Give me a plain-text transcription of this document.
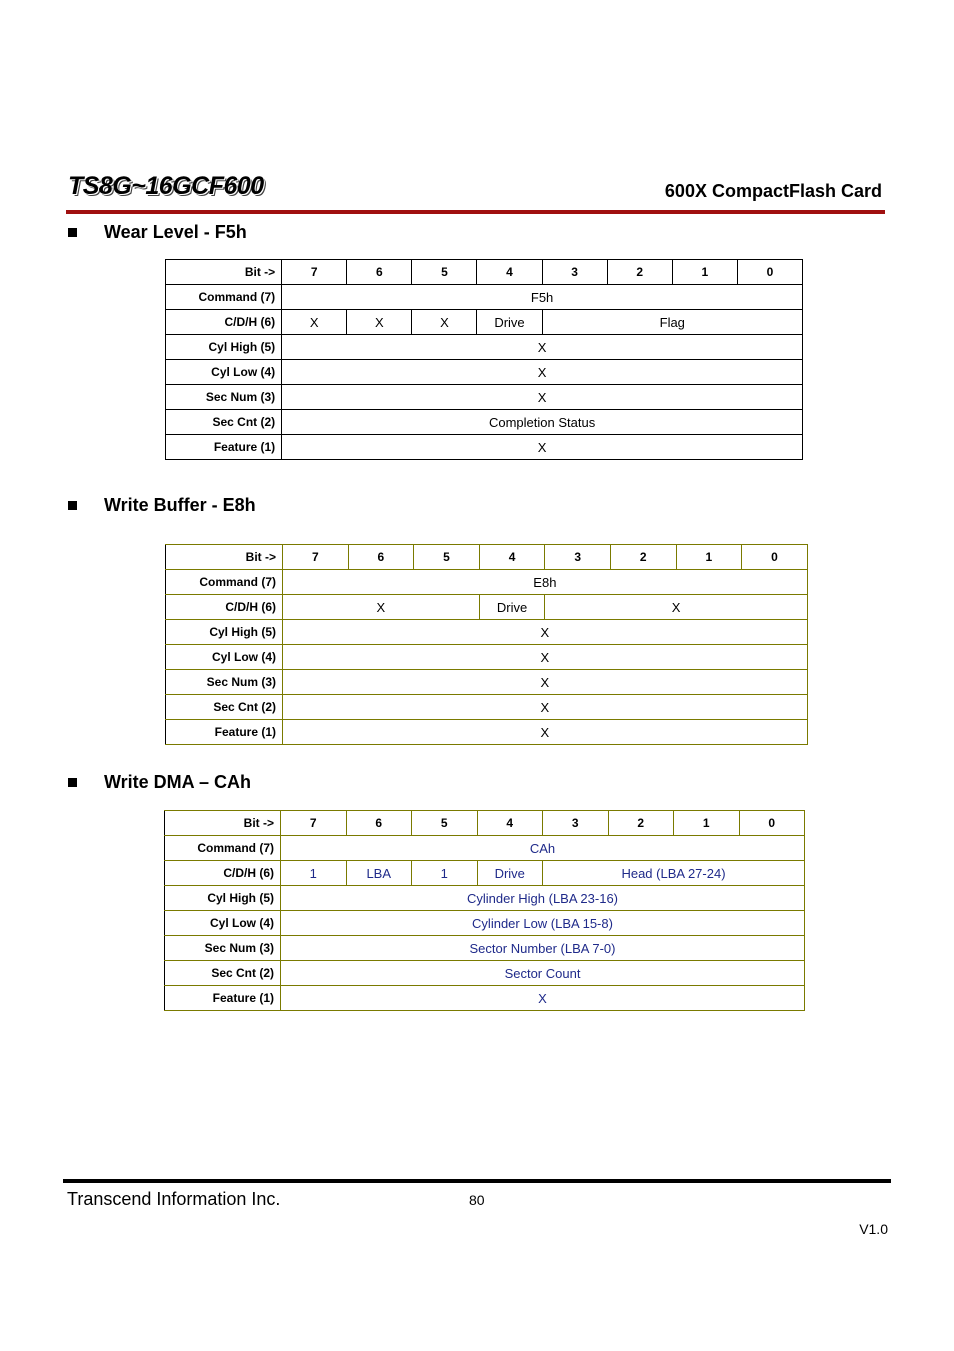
TS8G~16GCF600	600X CompactFlash Card
Wear Level - F5h
Bit ->	7	6	5	4	3	2	1	0
Command (7)	F5h							
C/D/H (6)	X	X	X	Drive	Flag			
Cyl High (5)	X							
Cyl Low (4)	X							
Sec Num (3)	X							
Sec Cnt (2)	Completion Status							
Feature (1)	X							
Write Buffer - E8h
Bit ->	7	6	5	4	3	2	1	0
Command (7)	E8h							
C/D/H (6)	X			Drive	X			
Cyl High (5)	X							
Cyl Low (4)	X							
Sec Num (3)	X							
Sec Cnt (2)	X							
Feature (1)	X							
Write DMA – CAh
Bit ->	7	6	5	4	3	2	1	0
Command (7)	CAh							
C/D/H (6)	1	LBA	1	Drive	Head (LBA 27-24)			
Cyl High (5)	Cylinder High (LBA 23-16)							
Cyl Low (4)	Cylinder Low (LBA 15-8)							
Sec Num (3)	Sector Number (LBA 7-0)							
Sec Cnt (2)	Sector Count							
Feature (1)	X							
Transcend Information Inc.	80
V1.0
